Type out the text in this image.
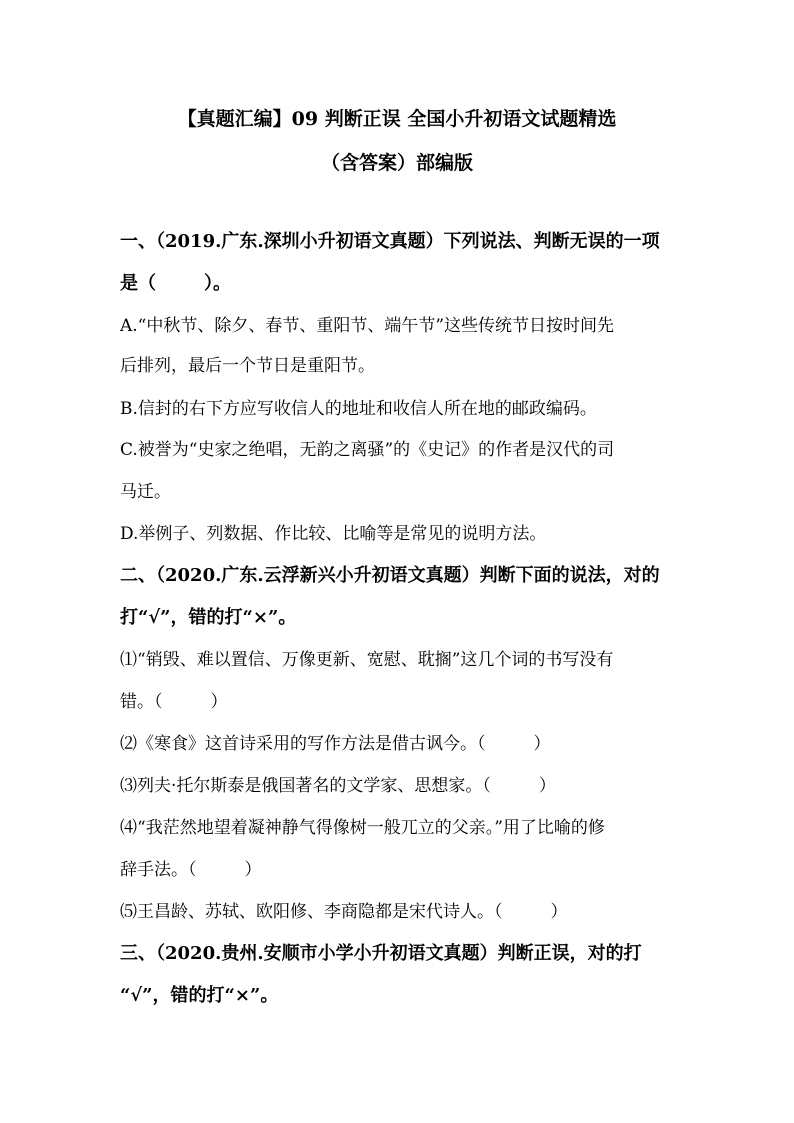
【真题汇编】09 判断正误 全国小升初语文试题精选
（含答案）部编版
一、（2019.广东.深圳小升初语文真题）下列说法、判断无误的一项
是（	）。
A.“中秋节、除夕、春节、重阳节、端午节”这些传统节日按时间先
后排列，最后一个节日是重阳节。
B.信封的右下方应写收信人的地址和收信人所在地的邮政编码。
C.被誉为“史家之绝唱，无韵之离骚”的《史记》的作者是汉代的司
马迁。
D.举例子、列数据、作比较、比喻等是常见的说明方法。
二、（2020.广东.云浮新兴小升初语文真题）判断下面的说法，对的
打“√”，错的打“×”。
⑴“销毁、难以置信、万像更新、宽慰、耽搁”这几个词的书写没有
错。（	）
⑵《寒食》这首诗采用的写作方法是借古讽今。（	）
⑶列夫·托尔斯泰是俄国著名的文学家、思想家。（	）
⑷“我茫然地望着凝神静气得像树一般兀立的父亲。”用了比喻的修
辞手法。（	）
⑸王昌龄、苏轼、欧阳修、李商隐都是宋代诗人。（	）
三、（2020.贵州.安顺市小学小升初语文真题）判断正误，对的打
“√”，错的打“×”。
